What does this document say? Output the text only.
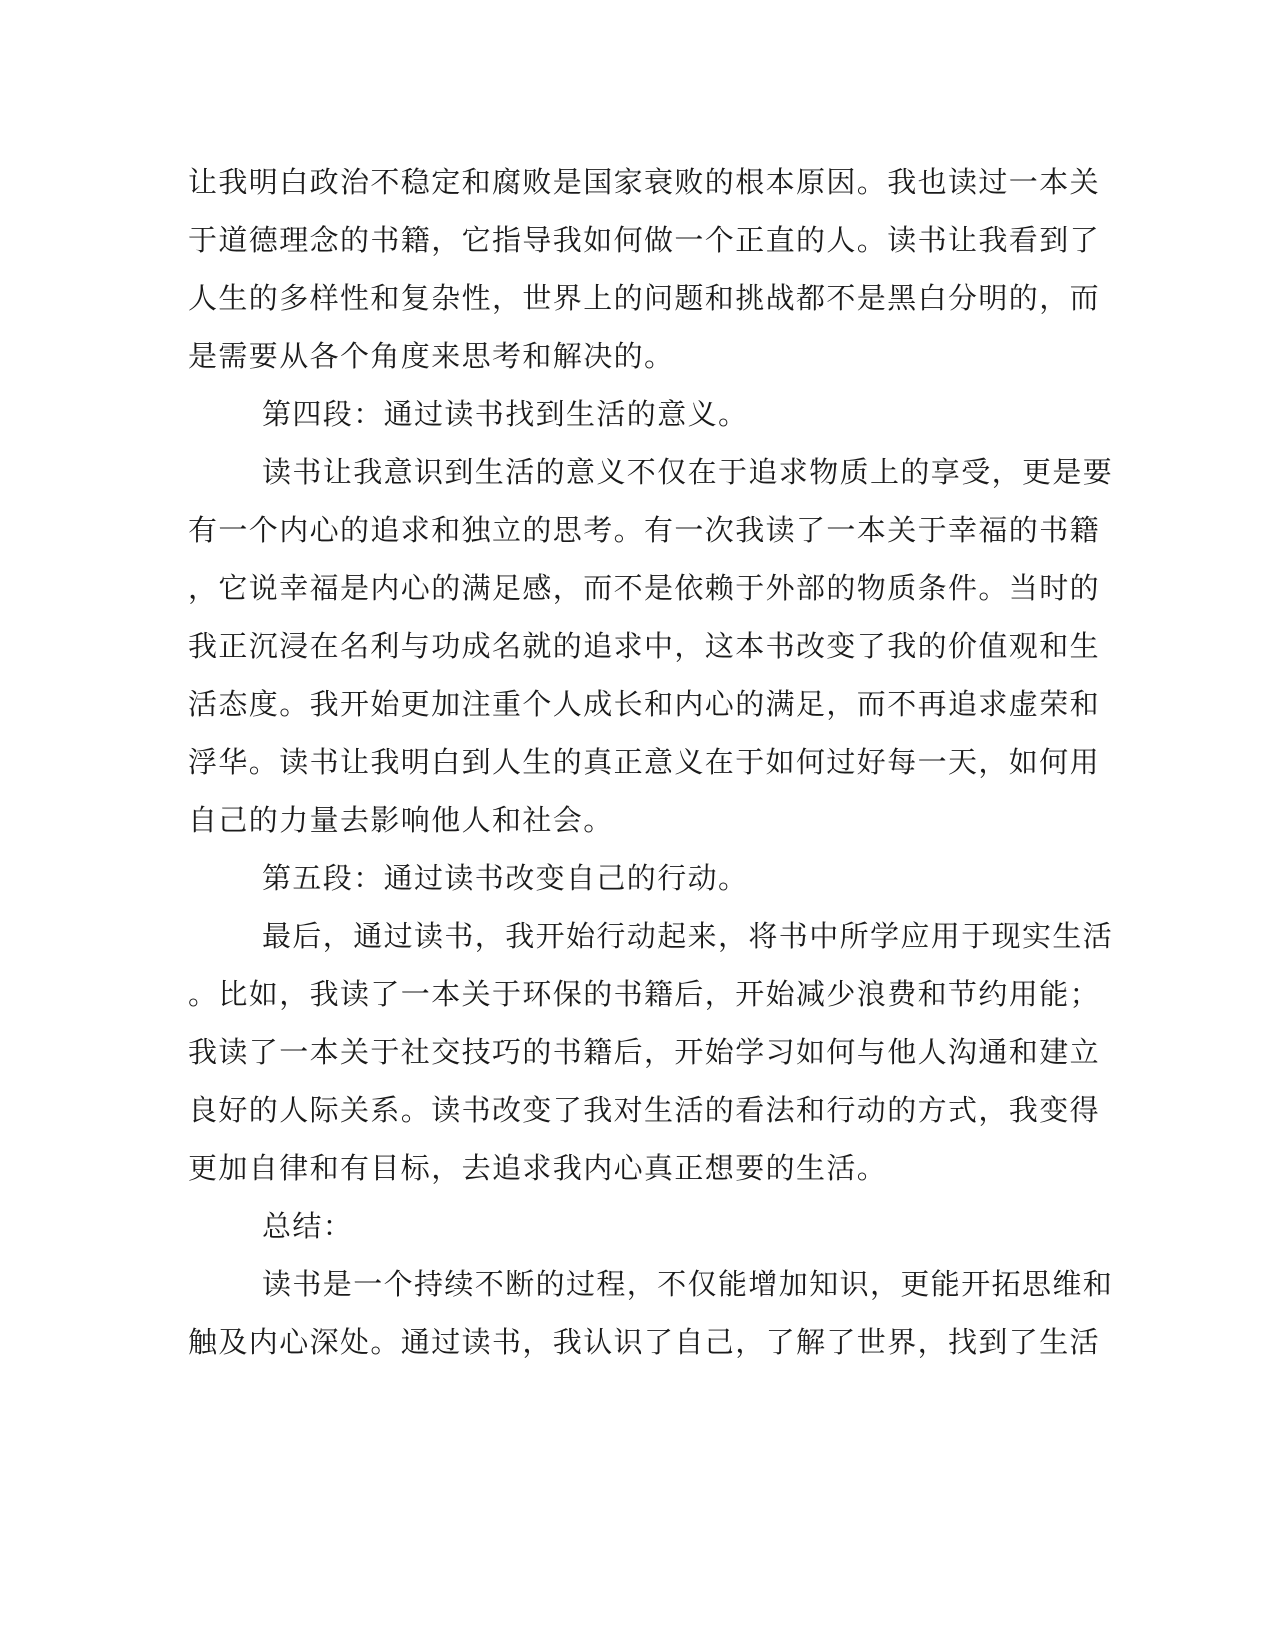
让我明白政治不稳定和腐败是国家衰败的根本原因。我也读过一本关
于道德理念的书籍，它指导我如何做一个正直的人。读书让我看到了
人生的多样性和复杂性，世界上的问题和挑战都不是黑白分明的，而
是需要从各个角度来思考和解决的。
第四段：通过读书找到生活的意义。
读书让我意识到生活的意义不仅在于追求物质上的享受，更是要
有一个内心的追求和独立的思考。有一次我读了一本关于幸福的书籍
，它说幸福是内心的满足感，而不是依赖于外部的物质条件。当时的
我正沉浸在名利与功成名就的追求中，这本书改变了我的价值观和生
活态度。我开始更加注重个人成长和内心的满足，而不再追求虚荣和
浮华。读书让我明白到人生的真正意义在于如何过好每一天，如何用
自己的力量去影响他人和社会。
第五段：通过读书改变自己的行动。
最后，通过读书，我开始行动起来，将书中所学应用于现实生活
。比如，我读了一本关于环保的书籍后，开始减少浪费和节约用能；
我读了一本关于社交技巧的书籍后，开始学习如何与他人沟通和建立
良好的人际关系。读书改变了我对生活的看法和行动的方式，我变得
更加自律和有目标，去追求我内心真正想要的生活。
总结：
读书是一个持续不断的过程，不仅能增加知识，更能开拓思维和
触及内心深处。通过读书，我认识了自己，了解了世界，找到了生活
